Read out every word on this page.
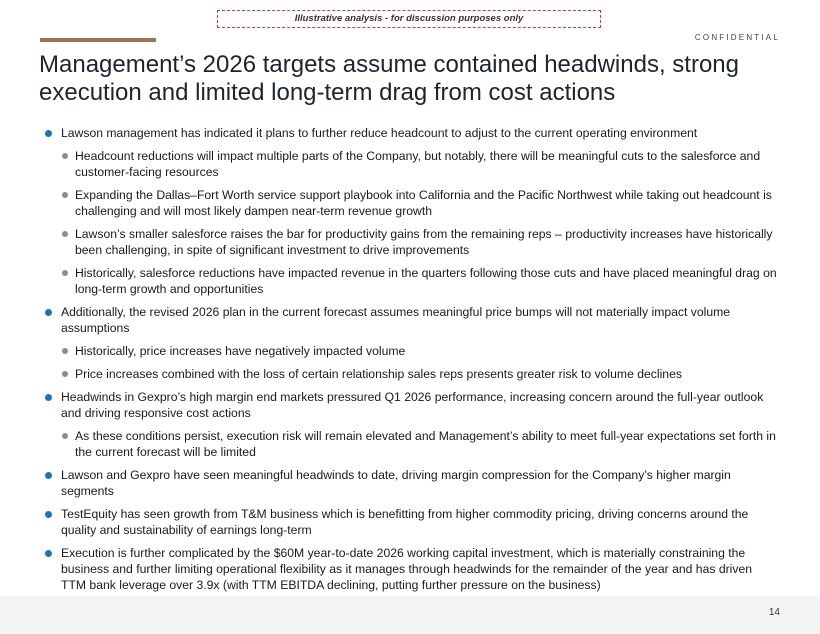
Illustrative analysis - for discussion purposes only
CONFIDENTIAL
Management’s 2026 targets assume contained headwinds, strong execution and limited long-term drag from cost actions
Lawson management has indicated it plans to further reduce headcount to adjust to the current operating environment
Headcount reductions will impact multiple parts of the Company, but notably, there will be meaningful cuts to the salesforce and customer-facing resources
Expanding the Dallas–Fort Worth service support playbook into California and the Pacific Northwest while taking out headcount is challenging and will most likely dampen near-term revenue growth
Lawson’s smaller salesforce raises the bar for productivity gains from the remaining reps – productivity increases have historically been challenging, in spite of significant investment to drive improvements
Historically, salesforce reductions have impacted revenue in the quarters following those cuts and have placed meaningful drag on long-term growth and opportunities
Additionally, the revised 2026 plan in the current forecast assumes meaningful price bumps will not materially impact volume assumptions
Historically, price increases have negatively impacted volume
Price increases combined with the loss of certain relationship sales reps presents greater risk to volume declines
Headwinds in Gexpro’s high margin end markets pressured Q1 2026 performance, increasing concern around the full-year outlook and driving responsive cost actions
As these conditions persist, execution risk will remain elevated and Management’s ability to meet full-year expectations set forth in the current forecast will be limited
Lawson and Gexpro have seen meaningful headwinds to date, driving margin compression for the Company’s higher margin segments
TestEquity has seen growth from T&M business which is benefitting from higher commodity pricing, driving concerns around the quality and sustainability of earnings long-term
Execution is further complicated by the $60M year-to-date 2026 working capital investment, which is materially constraining the business and further limiting operational flexibility as it manages through headwinds for the remainder of the year and has driven TTM bank leverage over 3.9x (with TTM EBITDA declining, putting further pressure on the business)
14
